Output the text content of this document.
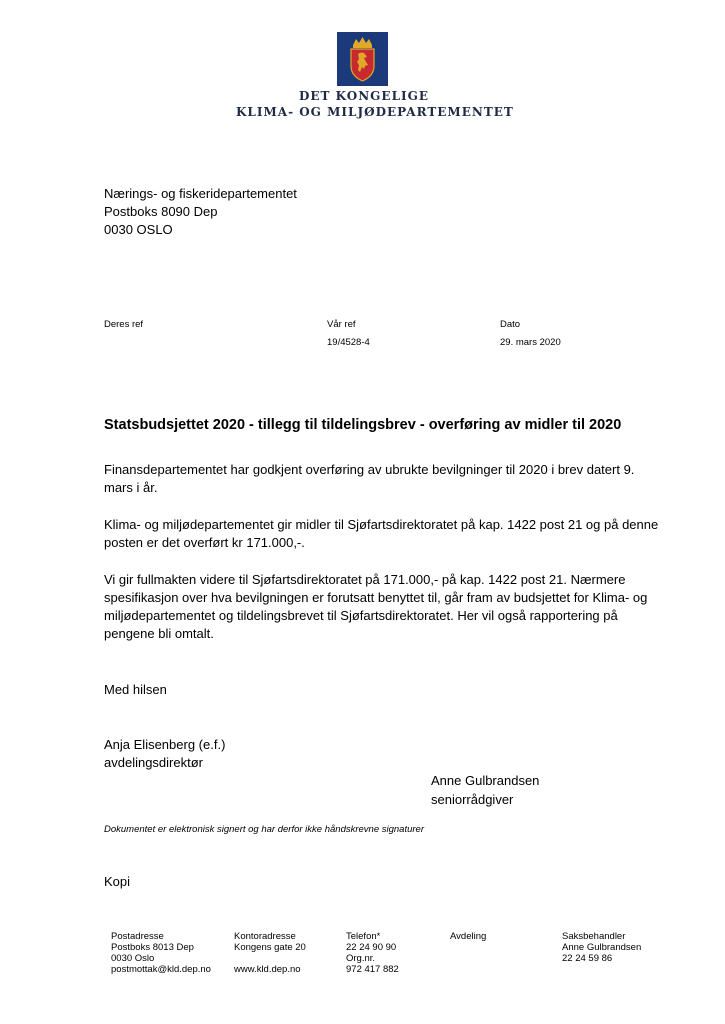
DET KONGELIGE
KLIMA- OG MILJØDEPARTEMENTET
Nærings- og fiskeridepartementet
Postboks 8090 Dep
0030 OSLO
Deres ref	Vår ref
19/4528-4
Dato
29. mars 2020
Statsbudsjettet 2020 - tillegg til tildelingsbrev - overføring av midler til 2020
Finansdepartementet har godkjent overføring av ubrukte bevilgninger til 2020 i brev datert 9. mars i år.
Klima- og miljødepartementet gir midler til Sjøfartsdirektoratet på kap. 1422 post 21 og på denne posten er det overført kr 171.000,-.
Vi gir fullmakten videre til Sjøfartsdirektoratet på 171.000,- på kap. 1422 post 21. Nærmere spesifikasjon over hva bevilgningen er forutsatt benyttet til, går fram av budsjettet for Klima- og miljødepartementet og tildelingsbrevet til Sjøfartsdirektoratet. Her vil også rapportering på pengene bli omtalt.
Med hilsen
Anja Elisenberg (e.f.)
avdelingsdirektør
Anne Gulbrandsen
seniorrådgiver
Dokumentet er elektronisk signert og har derfor ikke håndskrevne signaturer
Kopi
Postadresse
Postboks 8013 Dep
0030 Oslo
postmottak@kld.dep.no
Kontoradresse
Kongens gate 20
www.kld.dep.no
Telefon*
22 24 90 90
Org.nr.
972 417 882
Avdeling	Saksbehandler
Anne Gulbrandsen
22 24 59 86
